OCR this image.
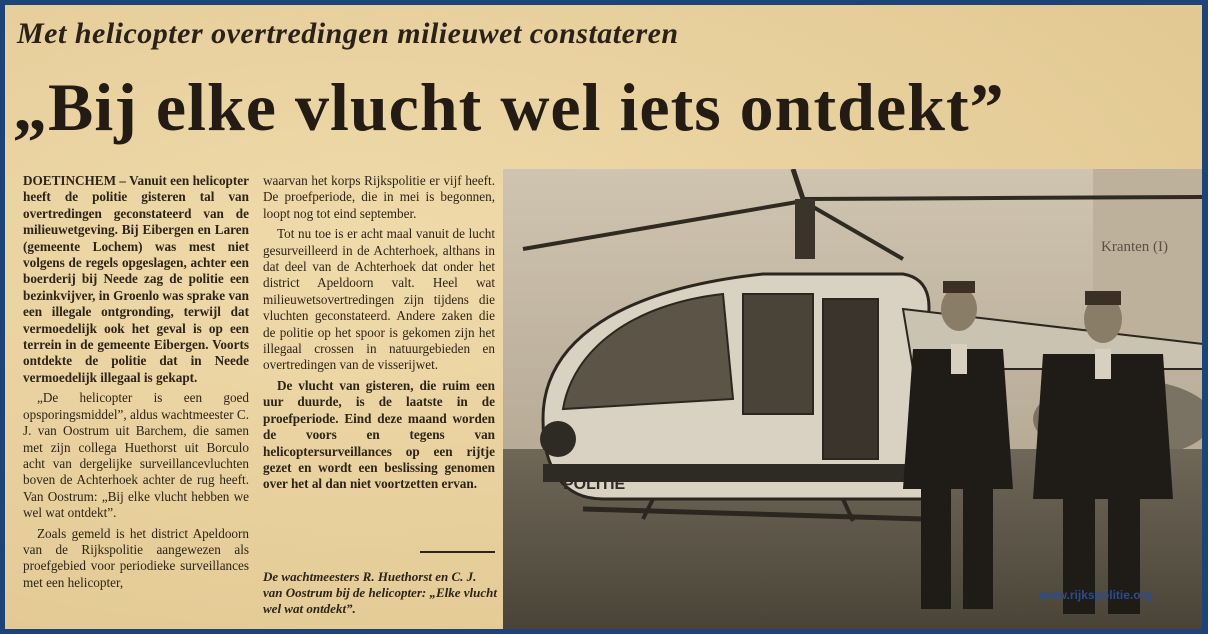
Met helicopter overtredingen milieuwet constateren
„Bij elke vlucht wel iets ontdekt”

DOETINCHEM – Vanuit een helicopter heeft de politie gisteren tal van overtredingen geconstateerd van de milieuwetgeving. Bij Eibergen en Laren (gemeente Lochem) was mest niet volgens de regels opgeslagen, achter een boerderij bij Neede zag de politie een bezinkvijver, in Groenlo was sprake van een illegale ontgronding, terwijl dat vermoedelijk ook het geval is op een terrein in de gemeente Eibergen. Voorts ontdekte de politie dat in Neede vermoedelijk illegaal is gekapt.

„De helicopter is een goed opsporingsmiddel”, aldus wachtmeester C. J. van Oostrum uit Barchem, die samen met zijn collega Huethorst uit Borculo acht van dergelijke surveillancevluchten boven de Achterhoek achter de rug heeft. Van Oostrum: „Bij elke vlucht hebben we wel wat ontdekt”.

Zoals gemeld is het district Apeldoorn van de Rijkspolitie aangewezen als proefgebied voor periodieke surveillances met een helicopter,

waarvan het korps Rijkspolitie er vijf heeft. De proefperiode, die in mei is begonnen, loopt nog tot eind september.

Tot nu toe is er acht maal vanuit de lucht gesurveilleerd in de Achterhoek, althans in dat deel van de Achterhoek dat onder het district Apeldoorn valt. Heel wat milieuwetsovertredingen zijn tijdens die vluchten geconstateerd. Andere zaken die de politie op het spoor is gekomen zijn het illegaal crossen in natuurgebieden en overtredingen van de visserijwet.

De vlucht van gisteren, die ruim een uur duurde, is de laatste in de proefperiode. Eind deze maand worden de voors en tegens van helicoptersurveillances op een rijtje gezet en wordt een beslissing genomen over het al dan niet voortzetten ervan.

De wachtmeesters R. Huethorst en C. J. van Oostrum bij de helicopter: „Elke vlucht wel wat ontdekt”.
Kranten (I)
POLITIE
www.rijkspolitie.org
